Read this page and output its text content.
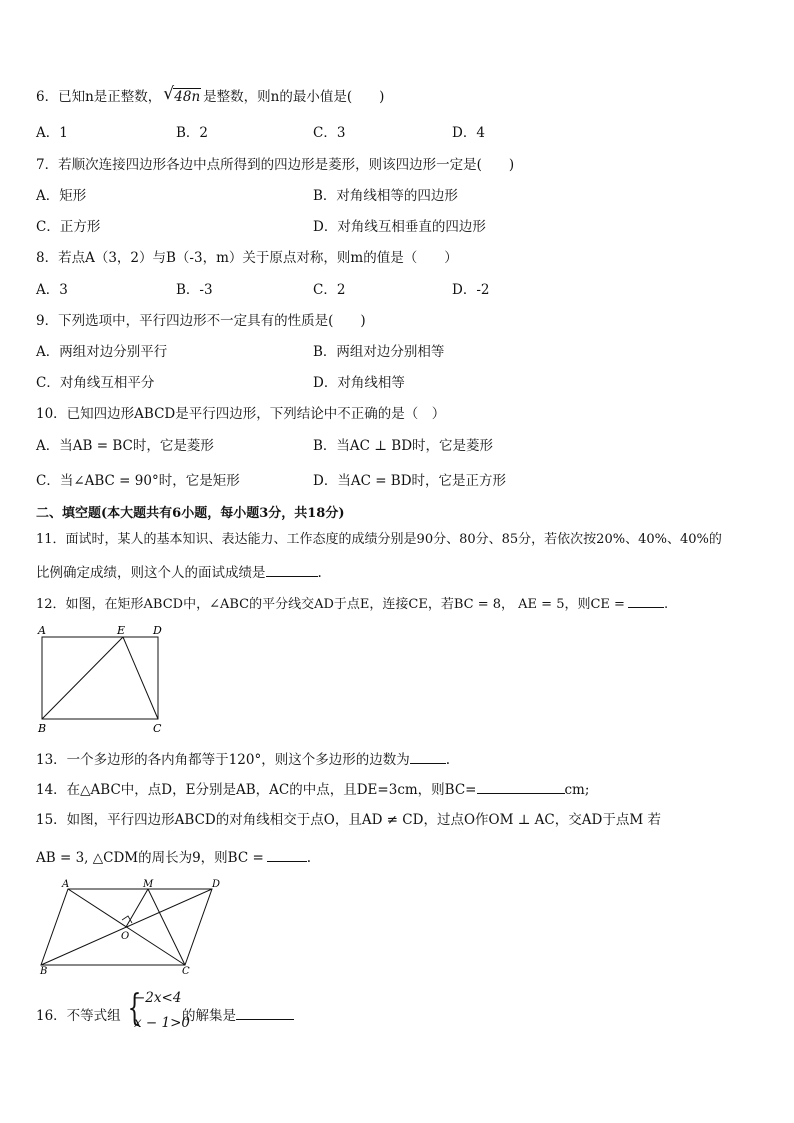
6．已知n是正整数， √ 48n 是整数，则n的最小值是(　　)
A．1	B．2	C．3	D．4
7．若顺次连接四边形各边中点所得到的四边形是菱形，则该四边形一定是(　　)
A．矩形	B．对角线相等的四边形
C．正方形	D．对角线互相垂直的四边形
8．若点A（3，2）与B（-3，m）关于原点对称，则m的值是（　　）
A．3	B．-3	C．2	D．-2
9．下列选项中，平行四边形不一定具有的性质是(　　)
A．两组对边分别平行	B．两组对边分别相等
C．对角线互相平分	D．对角线相等
10．已知四边形ABCD是平行四边形，下列结论中不正确的是（　）
A．当AB = BC时，它是菱形	B．当AC ⊥ BD时，它是菱形
C．当∠ABC = 90°时，它是矩形	D．当AC = BD时，它是正方形
二、填空题(本大题共有6小题，每小题3分，共18分)
11．面试时，某人的基本知识、表达能力、工作态度的成绩分别是90分、80分、85分，若依次按20%、40%、40%的
比例确定成绩，则这个人的面试成绩是	.
12．如图，在矩形ABCD中，∠ABC的平分线交AD于点E，连接CE，若BC = 8， AE = 5，则CE =	.
A	E	D
B	C
13．一个多边形的各内角都等于120°，则这个多边形的边数为	.
14．在△ABC中，点D，E分别是AB，AC的中点，且DE=3cm，则BC=	cm;
15．如图，平行四边形ABCD的对角线相交于点O，且AD ≠ CD，过点O作OM ⊥ AC，交AD于点M 若
AB = 3, △CDM的周长为9，则BC =	.
A	M	D
O
B	C
16．不等式组 {
−2x<4
x − 1>0
的解集是
